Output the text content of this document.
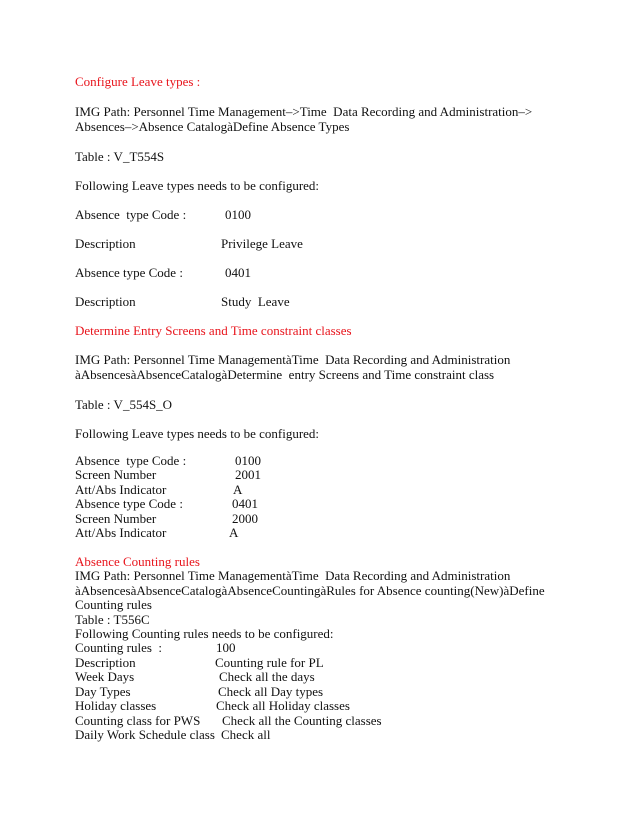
Configure Leave types :
IMG Path: Personnel Time Management–>Time  Data Recording and Administration–>
Absences–>Absence CatalogàDefine Absence Types
Table : V_T554S
Following Leave types needs to be configured:
Absence  type Code :	0100
Description	Privilege Leave
Absence type Code :	0401
Description	Study  Leave
Determine Entry Screens and Time constraint classes
IMG Path: Personnel Time ManagementàTime  Data Recording and Administration
àAbsencesàAbsenceCatalogàDetermine  entry Screens and Time constraint class
Table : V_554S_O
Following Leave types needs to be configured:
Absence  type Code :	0100
Screen Number	2001
Att/Abs Indicator	A
Absence type Code :	0401
Screen Number	2000
Att/Abs Indicator	A
Absence Counting rules
IMG Path: Personnel Time ManagementàTime  Data Recording and Administration
àAbsencesàAbsenceCatalogàAbsenceCountingàRules for Absence counting(New)àDefine
Counting rules
Table : T556C
Following Counting rules needs to be configured:
Counting rules  :	100
Description	Counting rule for PL
Week Days	Check all the days
Day Types	Check all Day types
Holiday classes	Check all Holiday classes
Counting class for PWS Check all the Counting classes
Daily Work Schedule class Check all
